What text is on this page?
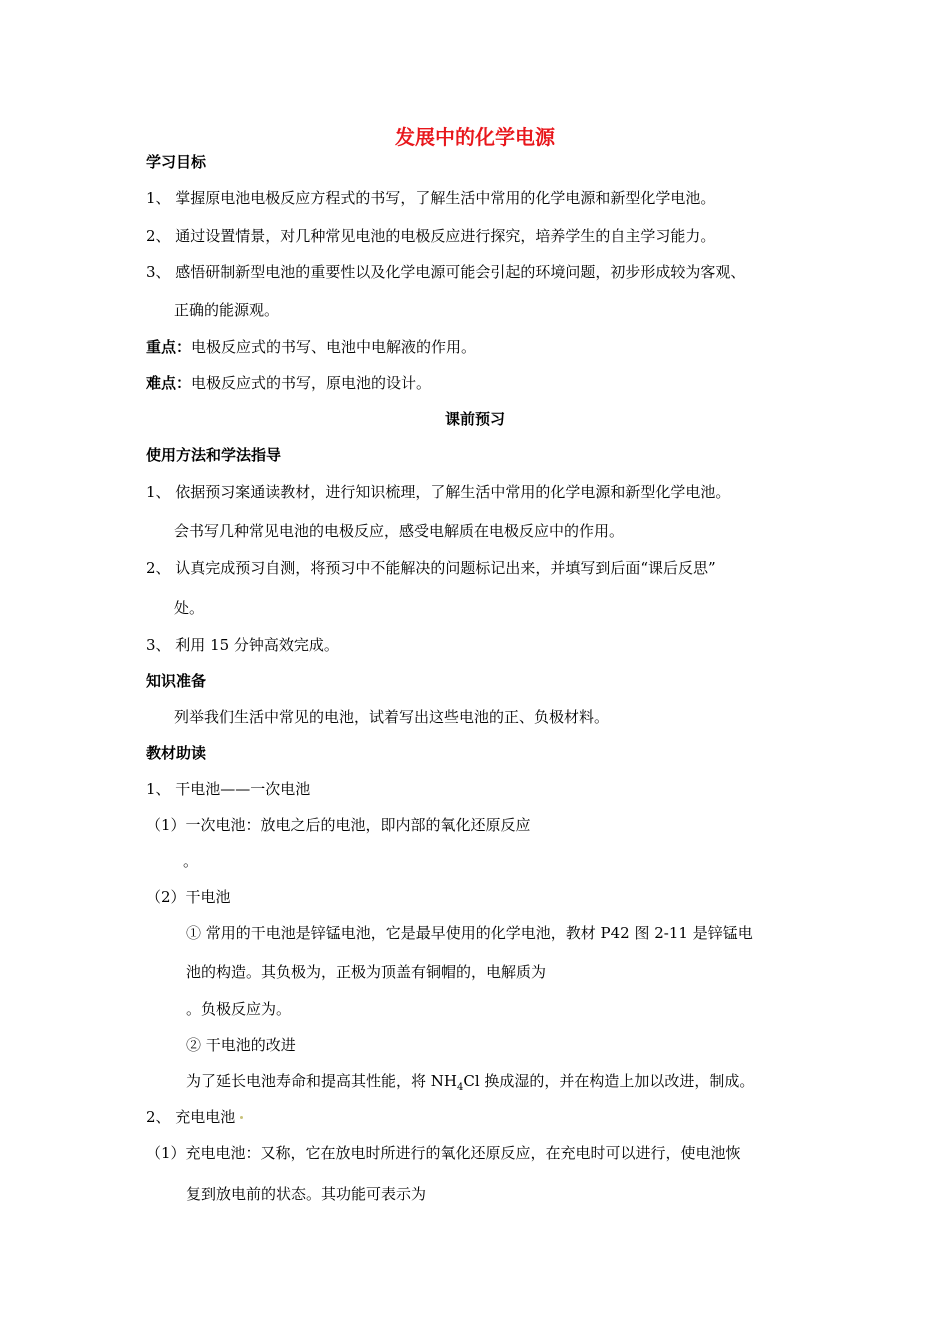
发展中的化学电源
学习目标
1、 掌握原电池电极反应方程式的书写，了解生活中常用的化学电源和新型化学电池。
2、 通过设置情景，对几种常见电池的电极反应进行探究，培养学生的自主学习能力。
3、 感悟研制新型电池的重要性以及化学电源可能会引起的环境问题，初步形成较为客观、
正确的能源观。
重点：电极反应式的书写、电池中电解液的作用。
难点：电极反应式的书写，原电池的设计。
课前预习
使用方法和学法指导
1、 依据预习案通读教材，进行知识梳理，了解生活中常用的化学电源和新型化学电池。
会书写几种常见电池的电极反应，感受电解质在电极反应中的作用。
2、 认真完成预习自测，将预习中不能解决的问题标记出来，并填写到后面“课后反思”
处。
3、 利用 15 分钟高效完成。
知识准备
列举我们生活中常见的电池，试着写出这些电池的正、负极材料。
教材助读
1、 干电池——一次电池
（1）一次电池：放电之后的电池，即内部的氧化还原反应
。
（2）干电池
① 常用的干电池是锌锰电池，它是最早使用的化学电池，教材 P42 图 2-11 是锌锰电
池的构造。其负极为，正极为顶盖有铜帽的，电解质为
。负极反应为。
② 干电池的改进
为了延长电池寿命和提高其性能，将 $NH_4Cl$ 换成湿的，并在构造上加以改进，制成。
2、 充电电池
（1）充电电池：又称，它在放电时所进行的氧化还原反应，在充电时可以进行，使电池恢
复到放电前的状态。其功能可表示为
